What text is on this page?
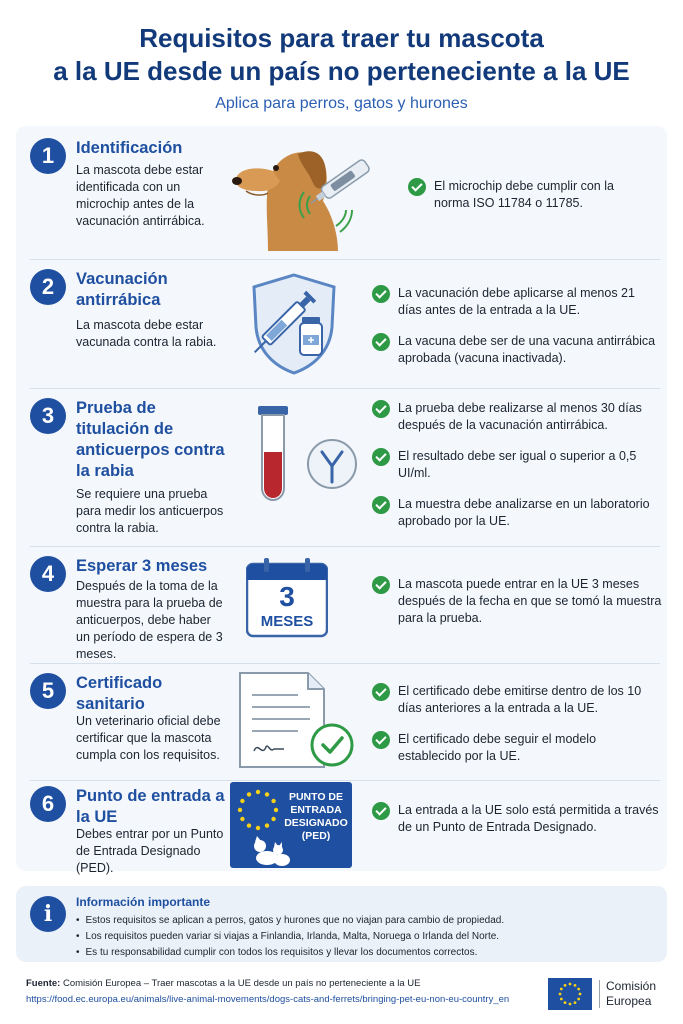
Requisitos para traer tu mascota
a la UE desde un país no perteneciente a la UE
Aplica para perros, gatos y hurones
1	Identificación
La mascota debe estar identificada con un microchip antes de la vacunación antirrábica.
El microchip debe cumplir con la norma ISO 11784 o 11785.
2	Vacunación antirrábica
La mascota debe estar vacunada contra la rabia.
La vacunación debe aplicarse al menos 21 días antes de la entrada a la UE.
La vacuna debe ser de una vacuna antirrábica aprobada (vacuna inactivada).
3	Prueba de titulación de anticuerpos contra la rabia
Se requiere una prueba para medir los anticuerpos contra la rabia.
La prueba debe realizarse al menos 30 días después de la vacunación antirrábica.
El resultado debe ser igual o superior a 0,5 UI/ml.
La muestra debe analizarse en un laboratorio aprobado por la UE.
4	Esperar 3 meses
Después de la toma de la muestra para la prueba de anticuerpos, debe haber un período de espera de 3 meses.
3
MESES
La mascota puede entrar en la UE 3 meses después de la fecha en que se tomó la muestra para la prueba.
5	Certificado sanitario
Un veterinario oficial debe certificar que la mascota cumpla con los requisitos.
El certificado debe emitirse dentro de los 10 días anteriores a la entrada a la UE.
El certificado debe seguir el modelo establecido por la UE.
6	Punto de entrada a la UE
Debes entrar por un Punto de Entrada Designado (PED).
PUNTO DE ENTRADA DESIGNADO (PED)
La entrada a la UE solo está permitida a través de un Punto de Entrada Designado.
i	Información importante
• Estos requisitos se aplican a perros, gatos y hurones que no viajan para cambio de propiedad.
• Los requisitos pueden variar si viajas a Finlandia, Irlanda, Malta, Noruega o Irlanda del Norte.
• Es tu responsabilidad cumplir con todos los requisitos y llevar los documentos correctos.
Fuente: Comisión Europea – Traer mascotas a la UE desde un país no perteneciente a la UE
https://food.ec.europa.eu/animals/live-animal-movements/dogs-cats-and-ferrets/bringing-pet-eu-non-eu-country_en
Comisión
Europea
